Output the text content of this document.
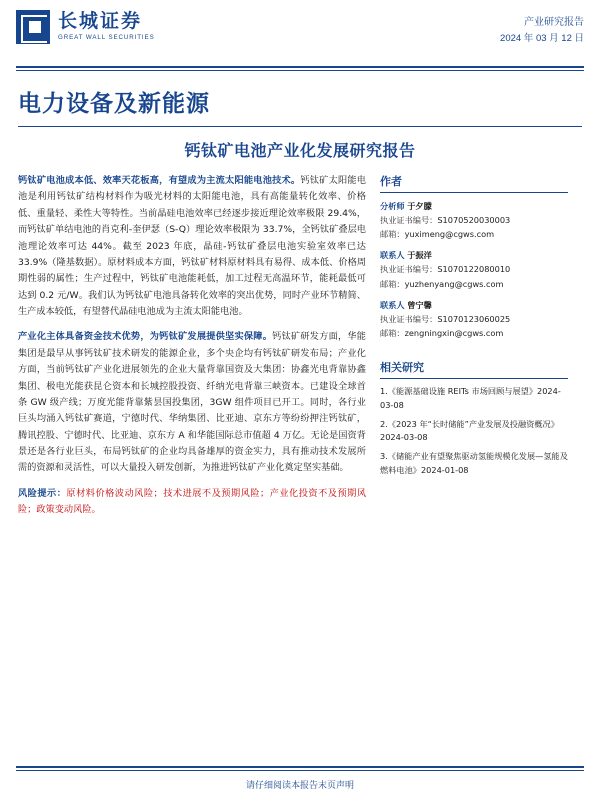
长城证券
GREAT WALL SECURITIES
产业研究报告
2024 年 03 月 12 日
电力设备及新能源
钙钛矿电池产业化发展研究报告
钙钛矿电池成本低、效率天花板高，有望成为主流太阳能电池技术。钙钛矿太阳能电池是利用钙钛矿结构材料作为吸光材料的太阳能电池，具有高能量转化效率、价格低、重量轻、柔性大等特性。当前晶硅电池效率已经逐步接近理论效率极限 29.4%，而钙钛矿单结电池的肖克利-奎伊瑟（S-Q）理论效率极限为 33.7%，全钙钛矿叠层电池理论效率可达 44%。截至 2023 年底，晶硅-钙钛矿叠层电池实验室效率已达 33.9%（隆基数据）。原材料成本方面，钙钛矿材料原材料具有易得、成本低、价格周期性弱的属性；生产过程中，钙钛矿电池能耗低，加工过程无高温环节，能耗最低可达到 0.2 元/W。我们认为钙钛矿电池具备转化效率的突出优势，同时产业环节精简、生产成本较低，有望替代晶硅电池成为主流太阳能电池。
产业化主体具备资金技术优势，为钙钛矿发展提供坚实保障。钙钛矿研发方面，华能集团是最早从事钙钛矿技术研发的能源企业，多个央企均有钙钛矿研发布局；产业化方面，当前钙钛矿产业化进展领先的企业大量背靠国资及大集团：协鑫光电背靠协鑫集团、极电光能获昆仑资本和长城控股投资、纤纳光电背靠三峡资本。已建设全球首条 GW 级产线；万度光能背靠紫昙国投集团，3GW 组件项目已开工。同时，各行业巨头均涌入钙钛矿赛道，宁德时代、华纳集团、比亚迪、京东方等纷纷押注钙钛矿，腾讯控股、宁德时代、比亚迪、京东方 A 和华能国际总市值超 4 万亿。无论是国资背景还是各行业巨头，布局钙钛矿的企业均具备雄厚的资金实力，具有推动技术发展所需的资源和灵活性，可以大量投入研发创新，为推进钙钛矿产业化奠定坚实基础。
风险提示：原材料价格波动风险；技术进展不及预期风险；产业化投资不及预期风险；政策变动风险。
作者
分析师 于夕朦
执业证书编号：S1070520030003
邮箱：yuximeng@cgws.com
联系人 于振洋
执业证书编号：S1070122080010
邮箱：yuzhenyang@cgws.com
联系人 曾宁馨
执业证书编号：S1070123060025
邮箱：zengningxin@cgws.com
相关研究
1.《能源基础设施 REITs 市场回顾与展望》2024-03-08
2.《2023 年“长时储能”产业发展及投融资概况》2024-03-08
3.《储能产业有望聚焦驱动氢能规模化发展—氢能及燃料电池》2024-01-08
请仔细阅读本报告末页声明
